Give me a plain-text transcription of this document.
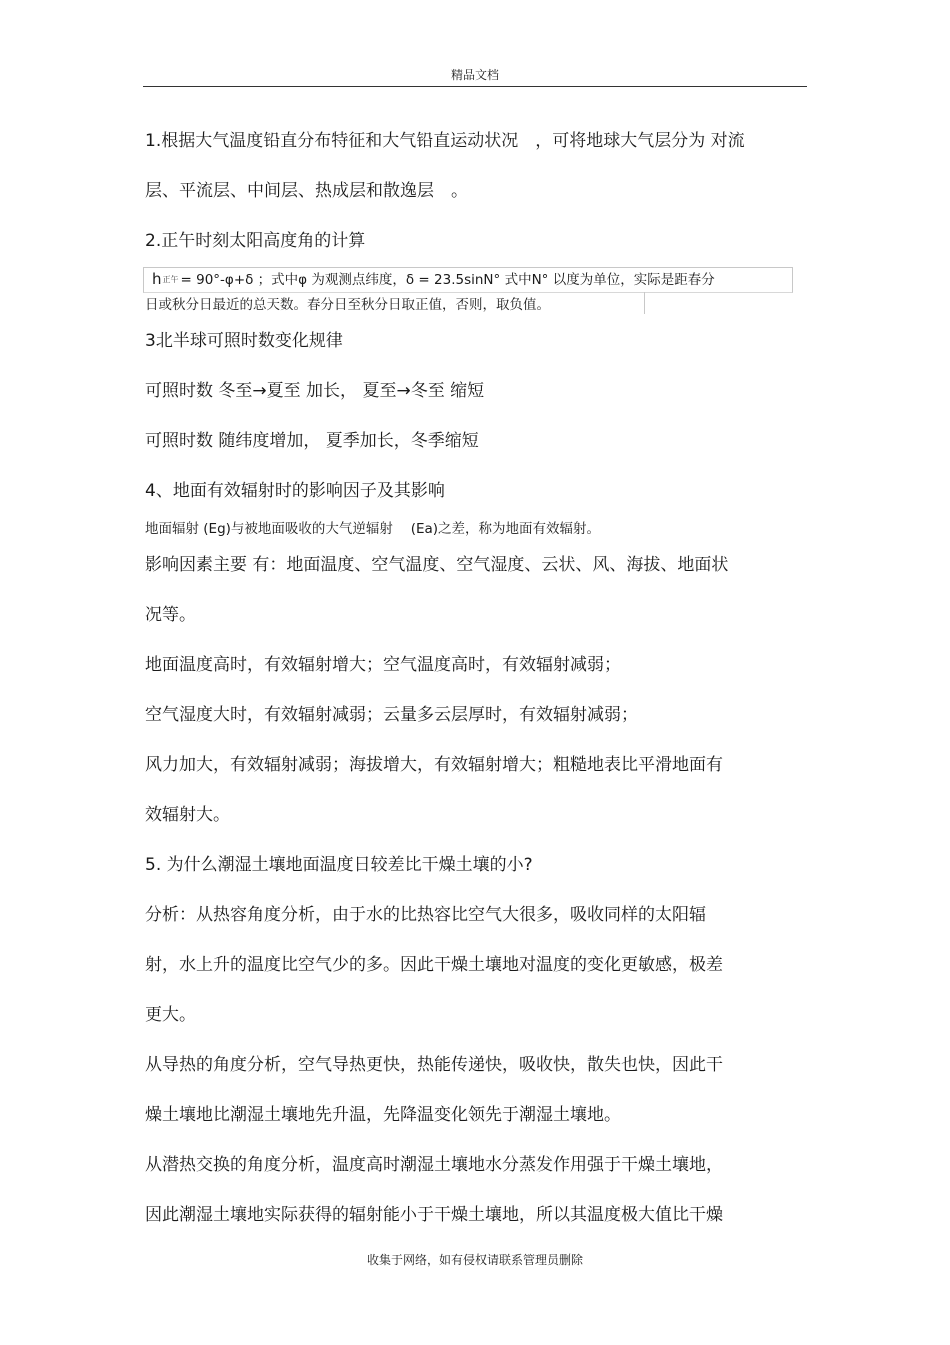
精品文档
1.根据大气温度铅直分布特征和大气铅直运动状况　，可将地球大气层分为 对流
层、平流层、中间层、热成层和散逸层　。
2.正午时刻太阳高度角的计算
h正午 = 90°-φ+δ ；式中φ 为观测点纬度，δ = 23.5sinN° 式中N° 以度为单位，实际是距春分
日或秋分日最近的总天数。春分日至秋分日取正值，否则，取负值。
3北半球可照时数变化规律
可照时数 冬至→夏至 加长， 夏至→冬至 缩短
可照时数 随纬度增加， 夏季加长，冬季缩短
4、地面有效辐射时的影响因子及其影响
地面辐射 (Eg)与被地面吸收的大气逆辐射　 (Ea)之差，称为地面有效辐射。
影响因素主要 有：地面温度、空气温度、空气湿度、云状、风、海拔、地面状
况等。
地面温度高时，有效辐射增大；空气温度高时，有效辐射减弱；
空气湿度大时，有效辐射减弱；云量多云层厚时，有效辐射减弱；
风力加大，有效辐射减弱；海拔增大，有效辐射增大；粗糙地表比平滑地面有
效辐射大。
5. 为什么潮湿土壤地面温度日较差比干燥土壤的小?
分析：从热容角度分析，由于水的比热容比空气大很多，吸收同样的太阳辐
射，水上升的温度比空气少的多。因此干燥土壤地对温度的变化更敏感，极差
更大。
从导热的角度分析，空气导热更快，热能传递快，吸收快，散失也快，因此干
燥土壤地比潮湿土壤地先升温，先降温变化领先于潮湿土壤地。
从潜热交换的角度分析，温度高时潮湿土壤地水分蒸发作用强于干燥土壤地，
因此潮湿土壤地实际获得的辐射能小于干燥土壤地，所以其温度极大值比干燥
收集于网络，如有侵权请联系管理员删除
